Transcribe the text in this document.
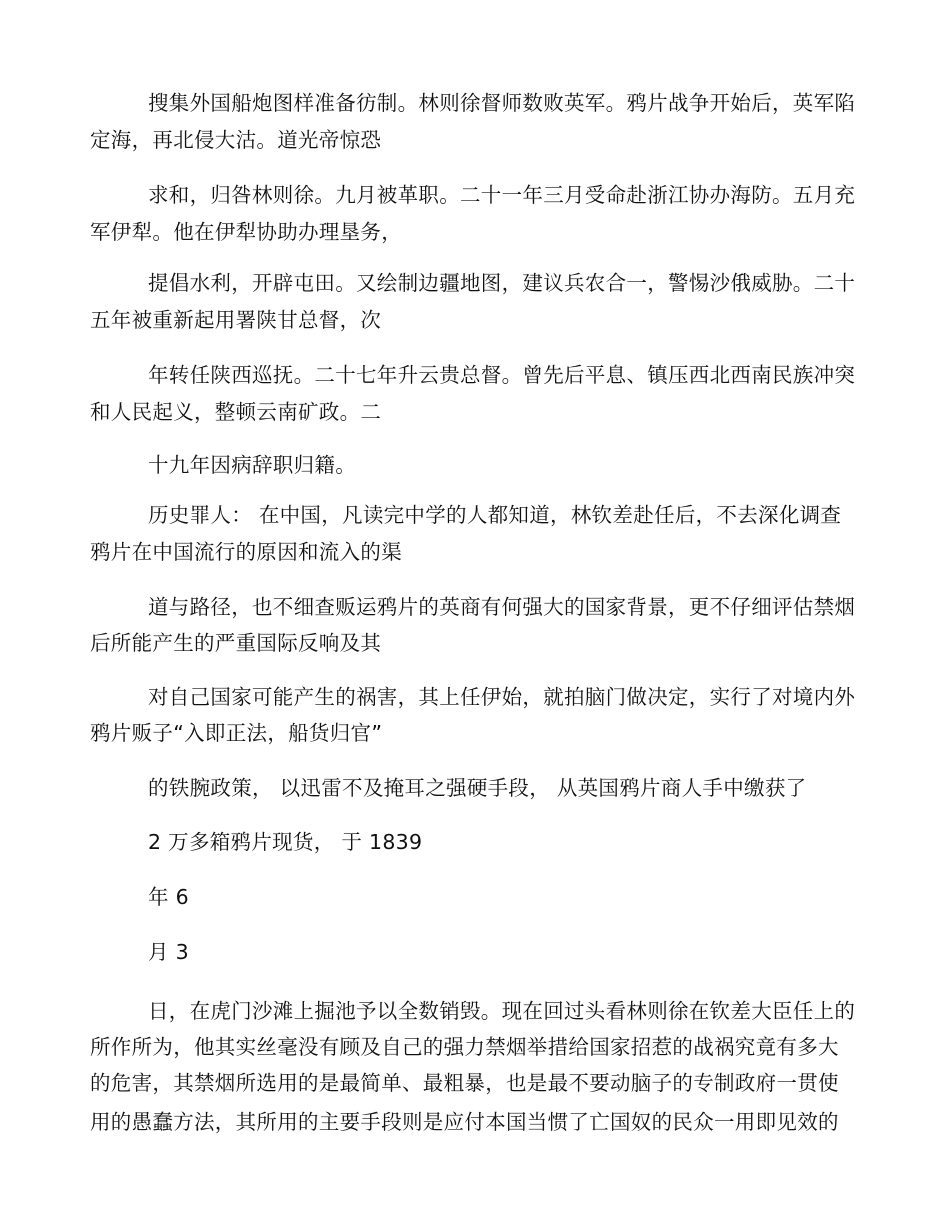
搜集外国船炮图样准备彷制。林则徐督师数败英军。鸦片战争开始后，英军陷
定海，再北侵大沽。道光帝惊恐
求和，归咎林则徐。九月被革职。二十一年三月受命赴浙江协办海防。五月充
军伊犁。他在伊犁协助办理垦务，
提倡水利，开辟屯田。又绘制边疆地图，建议兵农合一，警惕沙俄威胁。二十
五年被重新起用署陕甘总督，次
年转任陕西巡抚。二十七年升云贵总督。曾先后平息、镇压西北西南民族冲突
和人民起义，整顿云南矿政。二
十九年因病辞职归籍。
历史罪人： 在中国，凡读完中学的人都知道，林钦差赴任后，不去深化调查
鸦片在中国流行的原因和流入的渠
道与路径，也不细查贩运鸦片的英商有何强大的国家背景，更不仔细评估禁烟
后所能产生的严重国际反响及其
对自己国家可能产生的祸害，其上任伊始，就拍脑门做决定，实行了对境内外
鸦片贩子“入即正法，船货归官”
的铁腕政策， 以迅雷不及掩耳之强硬手段， 从英国鸦片商人手中缴获了
2 万多箱鸦片现货， 于 1839
年 6
月 3
日，在虎门沙滩上掘池予以全数销毁。现在回过头看林则徐在钦差大臣任上的
所作所为，他其实丝毫没有顾及自己的强力禁烟举措给国家招惹的战祸究竟有多大
的危害，其禁烟所选用的是最简单、最粗暴，也是最不要动脑子的专制政府一贯使
用的愚蠢方法，其所用的主要手段则是应付本国当惯了亡国奴的民众一用即见效的
